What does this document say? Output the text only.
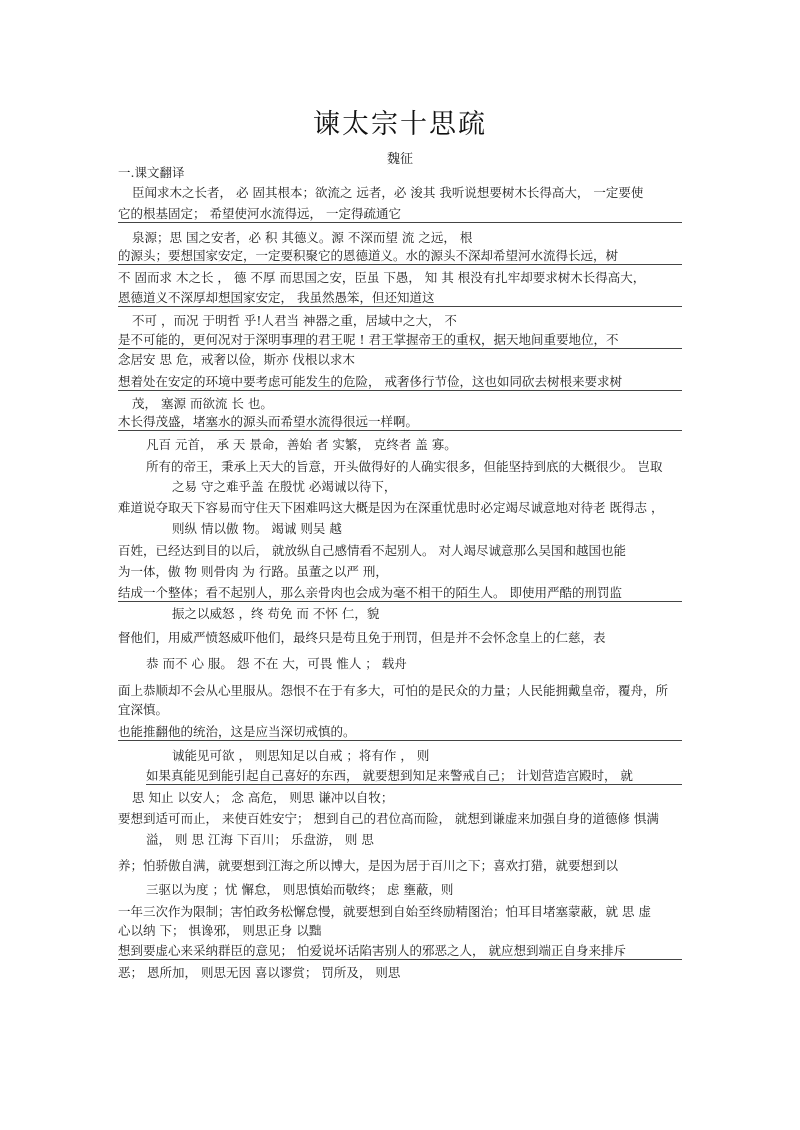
谏太宗十思疏
魏征
一.课文翻译
臣闻求木之长者， 必 固其根本；欲流之 远者，必 浚其 我听说想要树木长得高大， 一定要使
它的根基固定； 希望使河水流得远， 一定得疏通它
泉源；思 国之安者，必 积 其德义。源 不深而望 流 之远， 根
的源头；要想国家安定，一定要积聚它的恩德道义。水的源头不深却希望河水流得长远，树
不 固而求 木之长 ， 德 不厚 而思国之安，臣虽 下愚， 知 其 根没有扎牢却要求树木长得高大，
恩德道义不深厚却想国家安定， 我虽然愚笨，但还知道这
不可 ，而况 于明哲 乎!人君当 神器之重，居域中之大， 不
是不可能的，更何况对于深明事理的君王呢 ! 君王掌握帝王的重权，据天地间重要地位，不
念居安 思 危，戒奢以俭，斯亦 伐根以求木
想着处在安定的环境中要考虑可能发生的危险， 戒奢侈行节俭，这也如同砍去树根来要求树
茂， 塞源 而欲流 长 也。
木长得茂盛，堵塞水的源头而希望水流得很远一样啊。
凡百 元首， 承 天 景命，善始 者 实繁， 克终者 盖 寡。
所有的帝王，秉承上天大的旨意，开头做得好的人确实很多，但能坚持到底的大概很少。 岂取
之易 守之难乎盖 在殷忧 必竭诚以待下，
难道说夺取天下容易而守住天下困难吗这大概是因为在深重忧患时必定竭尽诚意地对待老 既得志 ，
则纵 情以傲 物。 竭诚 则吴 越
百姓，已经达到目的以后， 就放纵自己感情看不起别人。 对人竭尽诚意那么吴国和越国也能
为一体，傲 物 则骨肉 为 行路。虽董之以严 刑，
结成一个整体；看不起别人，那么亲骨肉也会成为毫不相干的陌生人。 即使用严酷的刑罚监
振之以威怒 ，终 苟免 而 不怀 仁，貌
督他们，用威严愤怒威吓他们，最终只是苟且免于刑罚，但是并不会怀念皇上的仁慈，表
恭 而不 心 服。 怨 不在 大，可畏 惟人 ； 载舟
面上恭顺却不会从心里服从。怨恨不在于有多大，可怕的是民众的力量；人民能拥戴皇帝，覆舟，所
宜深慎。
也能推翻他的统治，这是应当深切戒慎的。
诚能见可欲 ， 则思知足以自戒 ；将有作 ， 则
如果真能见到能引起自己喜好的东西， 就要想到知足来警戒自己； 计划营造宫殿时， 就
思 知止 以安人； 念 高危， 则思 谦冲以自牧；
要想到适可而止， 来使百姓安宁； 想到自己的君位高而险， 就想到谦虚来加强自身的道德修 惧满
溢， 则 思 江海 下百川； 乐盘游， 则 思
养；怕骄傲自满，就要想到江海之所以博大，是因为居于百川之下；喜欢打猎，就要想到以
三驱以为度 ；忧 懈怠， 则思慎始而敬终； 虑 壅蔽，则
一年三次作为限制；害怕政务松懈怠慢，就要想到自始至终励精图治；怕耳目堵塞蒙蔽，就 思 虚
心以纳 下； 惧谗邪， 则思正身 以黜
想到要虚心来采纳群臣的意见； 怕爱说坏话陷害别人的邪恶之人， 就应想到端正自身来排斥
恶； 恩所加， 则思无因 喜以谬赏； 罚所及， 则思
